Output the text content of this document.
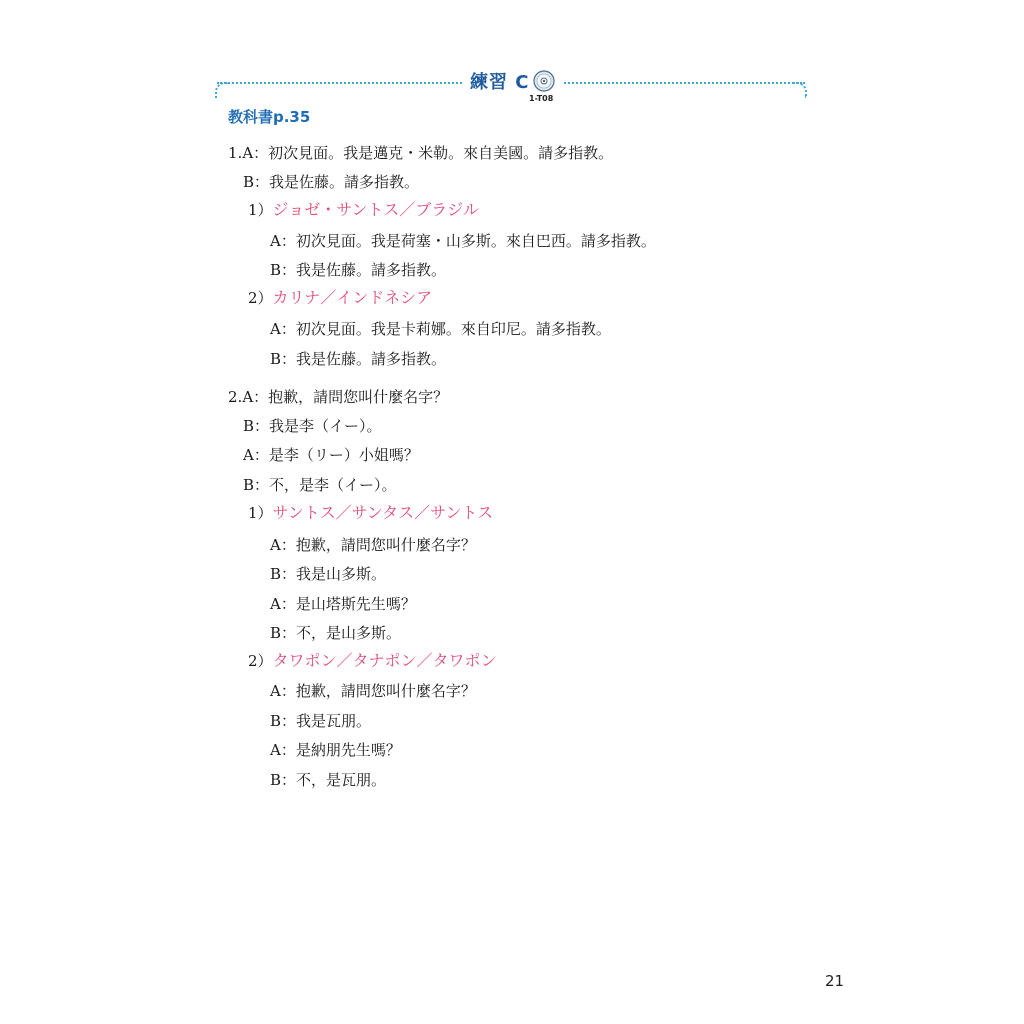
練習 C
1-T08
教科書p.35
1.A：初次見面。我是邁克・米勒。來自美國。請多指教。
B：我是佐藤。請多指教。
1）ジョゼ・サントス／ブラジル
A：初次見面。我是荷塞・山多斯。來自巴西。請多指教。
B：我是佐藤。請多指教。
2）カリナ／インドネシア
A：初次見面。我是卡莉娜。來自印尼。請多指教。
B：我是佐藤。請多指教。
2.A：抱歉，請問您叫什麼名字？
B：我是李（イー）。
A：是李（リー）小姐嗎？
B：不，是李（イー）。
1）サントス／サンタス／サントス
A：抱歉，請問您叫什麼名字？
B：我是山多斯。
A：是山塔斯先生嗎？
B：不，是山多斯。
2）タワポン／タナポン／タワポン
A：抱歉，請問您叫什麼名字？
B：我是瓦朋。
A：是納朋先生嗎？
B：不，是瓦朋。
21
